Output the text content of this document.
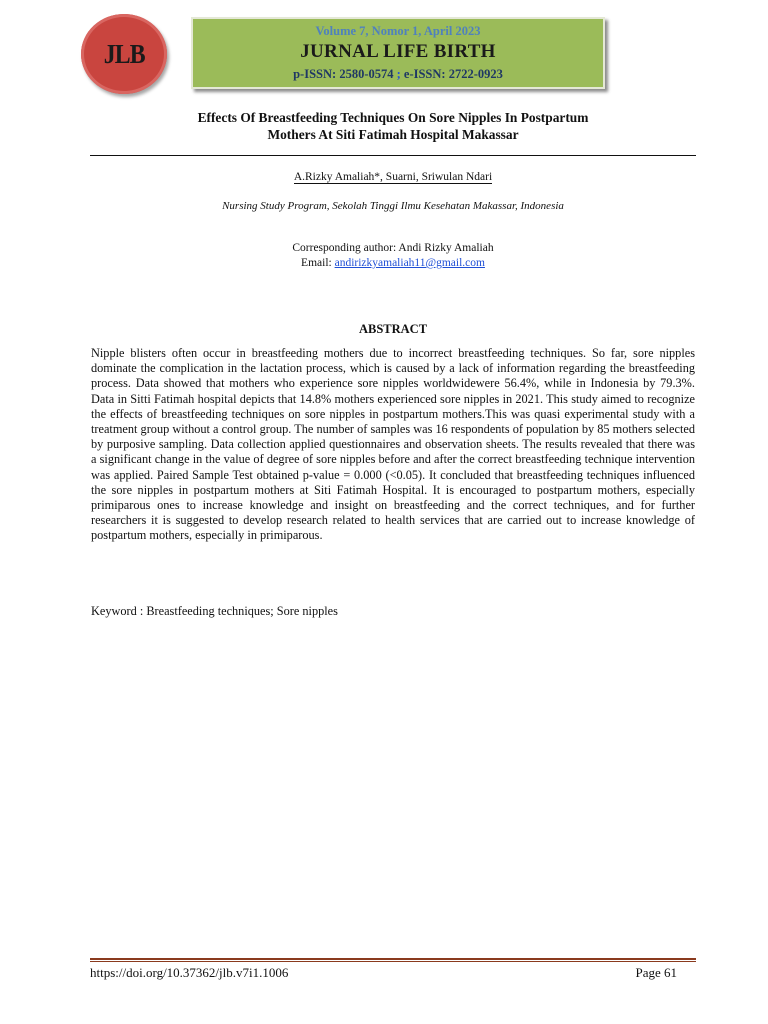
JLB
Volume 7, Nomor 1, April 2023
JURNAL LIFE BIRTH
p-ISSN: 2580-0574 ; e-ISSN: 2722-0923
Effects Of Breastfeeding Techniques On Sore Nipples In Postpartum
Mothers At Siti Fatimah Hospital Makassar
A.Rizky Amaliah*, Suarni, Sriwulan Ndari
Nursing Study Program, Sekolah Tinggi Ilmu Kesehatan Makassar, Indonesia
Corresponding author: Andi Rizky Amaliah
Email: andirizkyamaliah11@gmail.com
ABSTRACT
Nipple blisters often occur in breastfeeding mothers due to incorrect breastfeeding techniques. So far, sore nipples dominate the complication in the lactation process, which is caused by a lack of information regarding the breastfeeding process. Data showed that mothers who experience sore nipples worldwidewere 56.4%, while in Indonesia by 79.3%. Data in Sitti Fatimah hospital depicts that 14.8% mothers experienced sore nipples in 2021. This study aimed to recognize the effects of breastfeeding techniques on sore nipples in postpartum mothers.This was quasi experimental study with a treatment group without a control group. The number of samples was 16 respondents of population by 85 mothers selected by purposive sampling. Data collection applied questionnaires and observation sheets. The results revealed that there was a significant change in the value of degree of sore nipples before and after the correct breastfeeding technique intervention was applied. Paired Sample Test obtained p-value = 0.000 (<0.05). It concluded that breastfeeding techniques influenced the sore nipples in postpartum mothers at Siti Fatimah Hospital. It is encouraged to postpartum mothers, especially primiparous ones to increase knowledge and insight on breastfeeding and the correct techniques, and for further researchers it is suggested to develop research related to health services that are carried out to increase knowledge of postpartum mothers, especially in primiparous.
Keyword : Breastfeeding techniques; Sore nipples
https://doi.org/10.37362/jlb.v7i1.1006	Page 61
